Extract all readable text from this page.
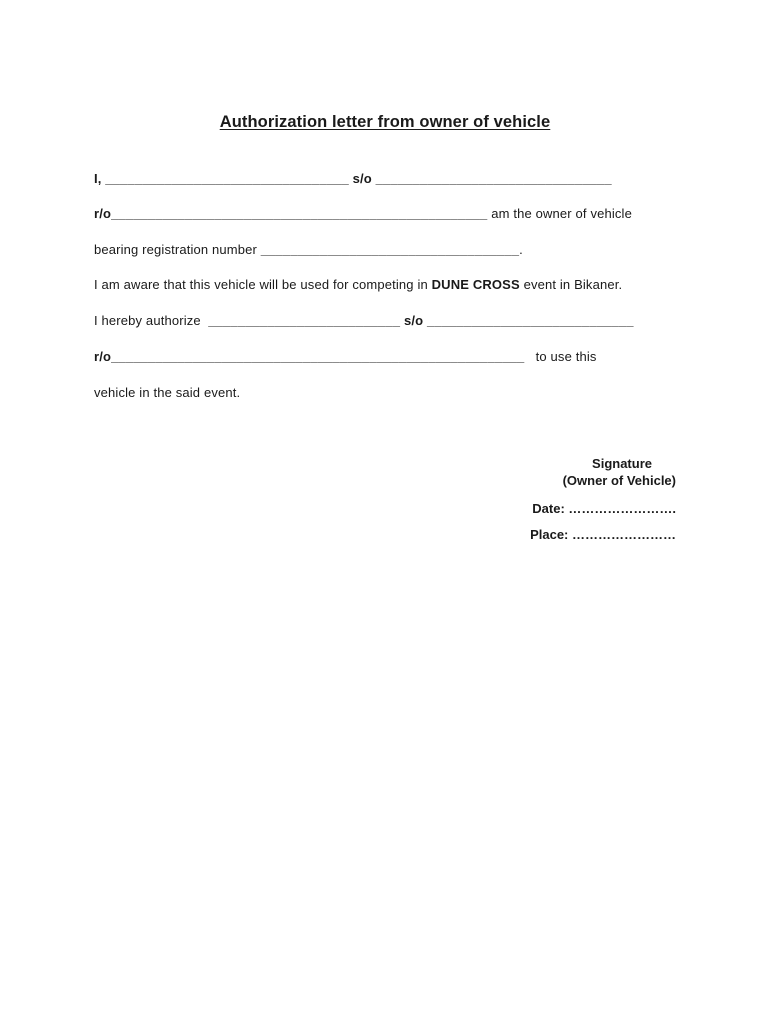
Authorization letter from owner of vehicle
I, _________________________________ s/o ________________________________
r/o___________________________________________________ am the owner of vehicle
bearing registration number ___________________________________.
I am aware that this vehicle will be used for competing in DUNE CROSS event in Bikaner.
I hereby authorize  __________________________ s/o ____________________________
r/o________________________________________________________   to use this
vehicle in the said event.
Signature
(Owner of Vehicle)
Date: …………………….
Place: ……………………
